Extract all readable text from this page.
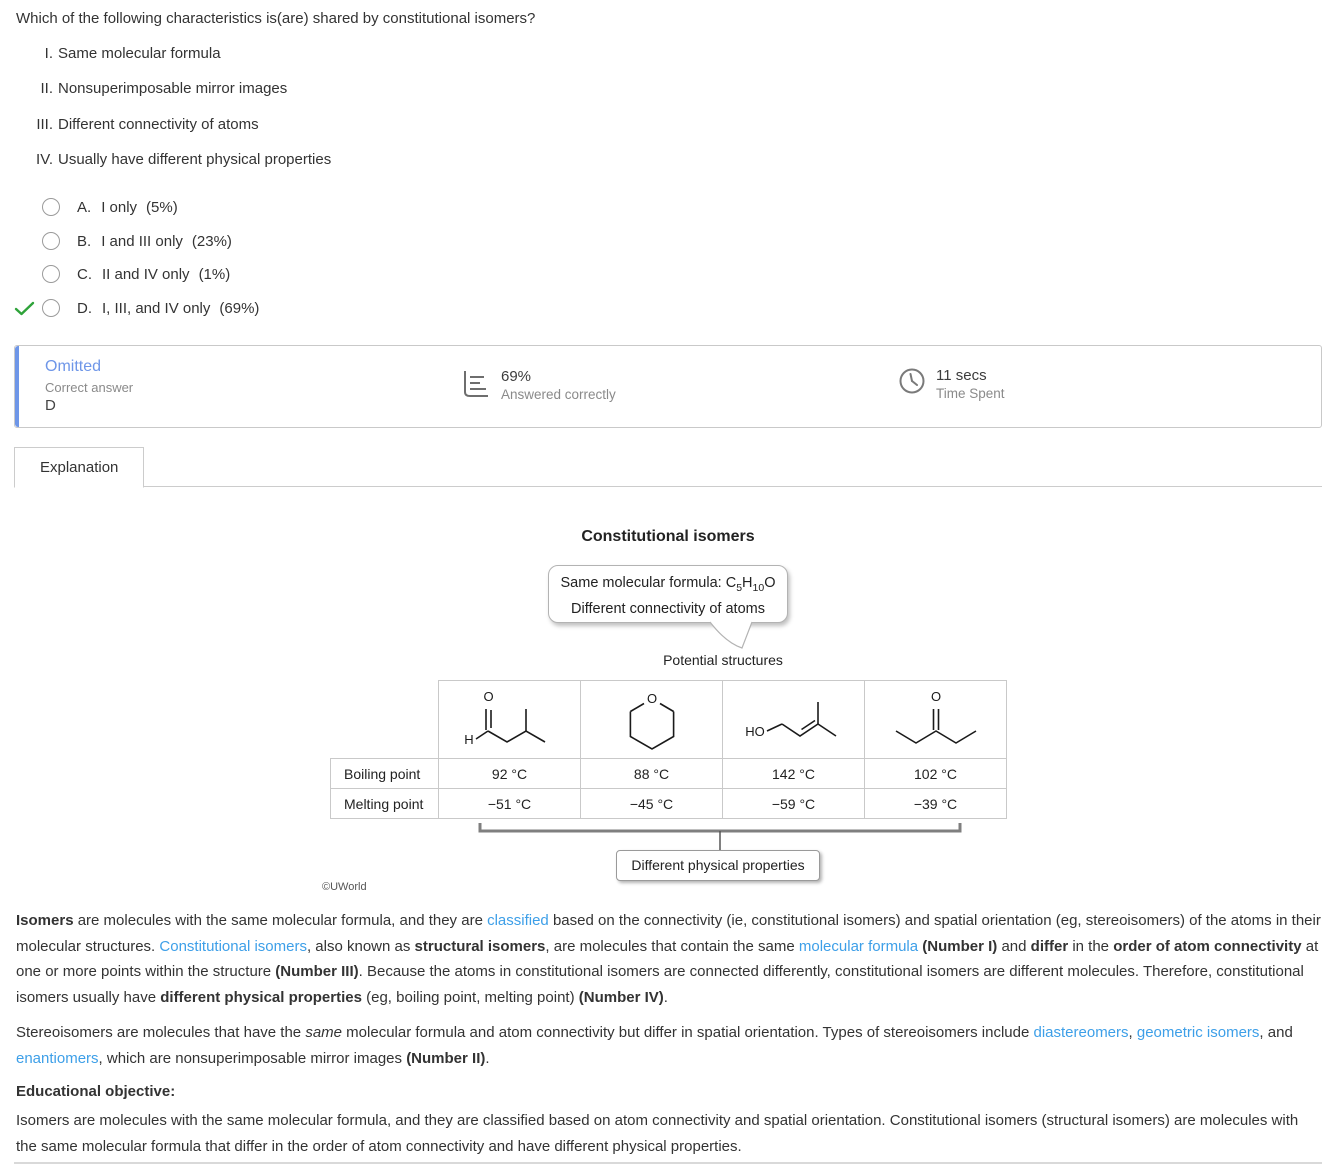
Which of the following characteristics is(are) shared by constitutional isomers?
I. Same molecular formula
II. Nonsuperimposable mirror images
III. Different connectivity of atoms
IV. Usually have different physical properties
A. I only (5%)
B. I and III only (23%)
C. II and IV only (1%)
D. I, III, and IV only (69%)
Omitted
Correct answer
D
69%
Answered correctly
11 secs
Time Spent
Explanation
Constitutional isomers
Same molecular formula: $C_5H_{10}O$
Different connectivity of atoms
Potential structures

H
O	O	HO	O

Boiling point	92 °C	88 °C	142 °C	102 °C
Melting point	−51 °C	−45 °C	−59 °C	−39 °C
Different physical properties
©UWorld

Isomers are molecules with the same molecular formula, and they are classified based on the connectivity (ie, constitutional isomers) and spatial orientation (eg, stereoisomers) of the atoms in their molecular structures. Constitutional isomers, also known as structural isomers, are molecules that contain the same molecular formula (Number I) and differ in the order of atom connectivity at one or more points within the structure (Number III). Because the atoms in constitutional isomers are connected differently, constitutional isomers are different molecules. Therefore, constitutional isomers usually have different physical properties (eg, boiling point, melting point) (Number IV).

Stereoisomers are molecules that have the same molecular formula and atom connectivity but differ in spatial orientation. Types of stereoisomers include diastereomers, geometric isomers, and enantiomers, which are nonsuperimposable mirror images (Number II).

Educational objective:

Isomers are molecules with the same molecular formula, and they are classified based on atom connectivity and spatial orientation. Constitutional isomers (structural isomers) are molecules with the same molecular formula that differ in the order of atom connectivity and have different physical properties.
